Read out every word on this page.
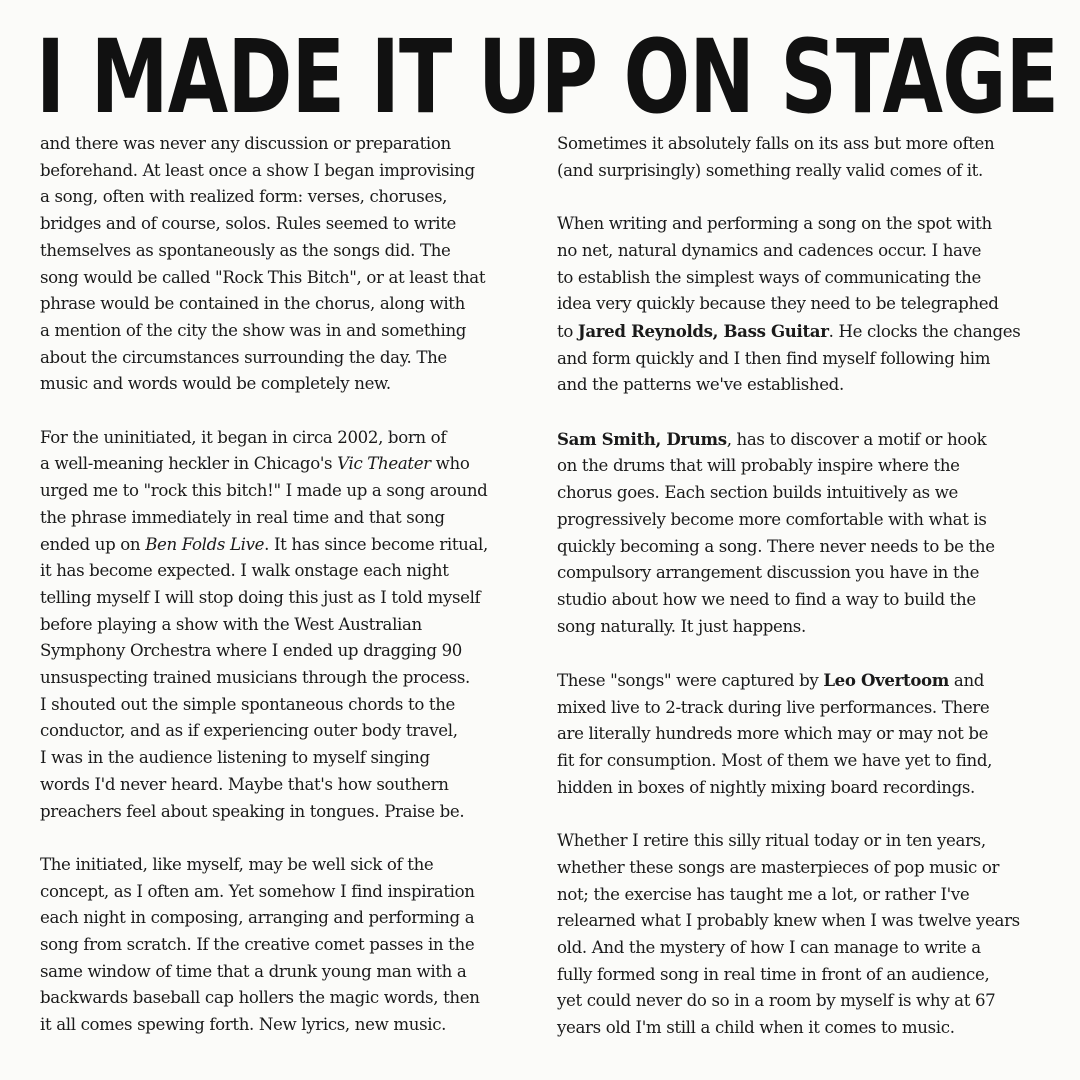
I MADE IT UP ON STAGE

and there was never any discussion or preparation
beforehand. At least once a show I began improvising
a song, often with realized form: verses, choruses,
bridges and of course, solos. Rules seemed to write
themselves as spontaneously as the songs did. The
song would be called "Rock This Bitch", or at least that
phrase would be contained in the chorus, along with
a mention of the city the show was in and something
about the circumstances surrounding the day. The
music and words would be completely new.

For the uninitiated, it began in circa 2002, born of
a well-meaning heckler in Chicago's Vic Theater who
urged me to "rock this bitch!" I made up a song around
the phrase immediately in real time and that song
ended up on Ben Folds Live. It has since become ritual,
it has become expected. I walk onstage each night
telling myself I will stop doing this just as I told myself
before playing a show with the West Australian
Symphony Orchestra where I ended up dragging 90
unsuspecting trained musicians through the process.
I shouted out the simple spontaneous chords to the
conductor, and as if experiencing outer body travel,
I was in the audience listening to myself singing
words I'd never heard. Maybe that's how southern
preachers feel about speaking in tongues. Praise be.

The initiated, like myself, may be well sick of the
concept, as I often am. Yet somehow I find inspiration
each night in composing, arranging and performing a
song from scratch. If the creative comet passes in the
same window of time that a drunk young man with a
backwards baseball cap hollers the magic words, then
it all comes spewing forth. New lyrics, new music.

Sometimes it absolutely falls on its ass but more often
(and surprisingly) something really valid comes of it.

When writing and performing a song on the spot with
no net, natural dynamics and cadences occur. I have
to establish the simplest ways of communicating the
idea very quickly because they need to be telegraphed
to Jared Reynolds, Bass Guitar. He clocks the changes
and form quickly and I then find myself following him
and the patterns we've established.

Sam Smith, Drums, has to discover a motif or hook
on the drums that will probably inspire where the
chorus goes. Each section builds intuitively as we
progressively become more comfortable with what is
quickly becoming a song. There never needs to be the
compulsory arrangement discussion you have in the
studio about how we need to find a way to build the
song naturally. It just happens.

These "songs" were captured by Leo Overtoom and
mixed live to 2-track during live performances. There
are literally hundreds more which may or may not be
fit for consumption. Most of them we have yet to find,
hidden in boxes of nightly mixing board recordings.

Whether I retire this silly ritual today or in ten years,
whether these songs are masterpieces of pop music or
not; the exercise has taught me a lot, or rather I've
relearned what I probably knew when I was twelve years
old. And the mystery of how I can manage to write a
fully formed song in real time in front of an audience,
yet could never do so in a room by myself is why at 67
years old I'm still a child when it comes to music.
